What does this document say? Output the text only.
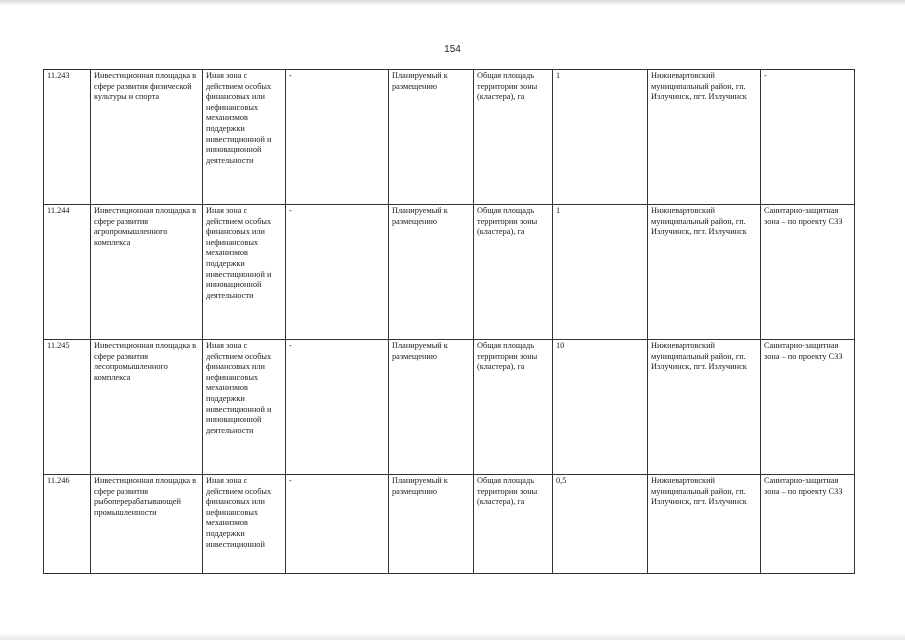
154
11.243	Инвестиционная площадка в сфере развития физической культуры и спорта	Иная зона с действием особых финансовых или нефинансовых механизмов поддержки инвестиционной и инновационной деятельности	-	Планируемый к размещению	Общая площадь территории зоны (кластера), га	1	Нижневартовский муниципальный район, гп. Излучинск, пгт. Излучинск	-
11.244	Инвестиционная площадка в сфере развития агропромышленного комплекса	Иная зона с действием особых финансовых или нефинансовых механизмов поддержки инвестиционной и инновационной деятельности	-	Планируемый к размещению	Общая площадь территории зоны (кластера), га	1	Нижневартовский муниципальный район, гп. Излучинск, пгт. Излучинск	Санитарно-защитная зона – по проекту СЗЗ
11.245	Инвестиционная площадка в сфере развития лесопромышленного комплекса	Иная зона с действием особых финансовых или нефинансовых механизмов поддержки инвестиционной и инновационной деятельности	-	Планируемый к размещению	Общая площадь территории зоны (кластера), га	10	Нижневартовский муниципальный район, гп. Излучинск, пгт. Излучинск	Санитарно-защитная зона – по проекту СЗЗ
11.246	Инвестиционная площадка в сфере развития рыбоперерабатывающей промышленности	Иная зона с действием особых финансовых или нефинансовых механизмов поддержки инвестиционной	-	Планируемый к размещению	Общая площадь территории зоны (кластера), га	0,5	Нижневартовский муниципальный район, гп. Излучинск, пгт. Излучинск	Санитарно-защитная зона – по проекту СЗЗ
